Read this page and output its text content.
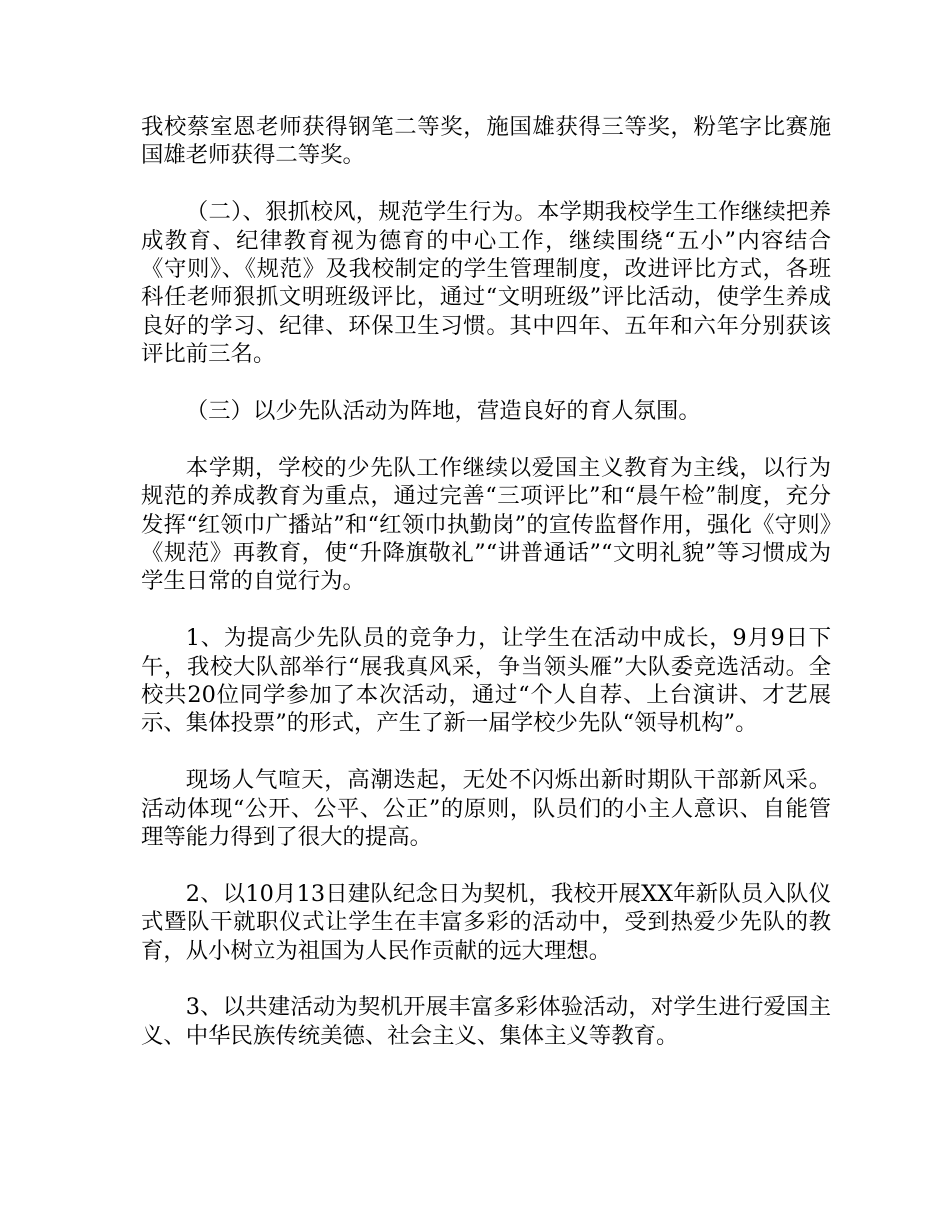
我校蔡室恩老师获得钢笔二等奖，施国雄获得三等奖，粉笔字比赛施国雄老师获得二等奖。

（二）、狠抓校风，规范学生行为。本学期我校学生工作继续把养成教育、纪律教育视为德育的中心工作，继续围绕“五小”内容结合《守则》、《规范》及我校制定的学生管理制度，改进评比方式，各班科任老师狠抓文明班级评比，通过“文明班级”评比活动，使学生养成良好的学习、纪律、环保卫生习惯。其中四年、五年和六年分别获该评比前三名。

（三）以少先队活动为阵地，营造良好的育人氛围。

本学期，学校的少先队工作继续以爱国主义教育为主线，以行为规范的养成教育为重点，通过完善“三项评比”和“晨午检”制度，充分发挥“红领巾广播站”和“红领巾执勤岗”的宣传监督作用，强化《守则》《规范》再教育，使“升降旗敬礼”“讲普通话”“文明礼貌”等习惯成为学生日常的自觉行为。

1、为提高少先队员的竞争力，让学生在活动中成长，9月9日下午，我校大队部举行“展我真风采，争当领头雁”大队委竞选活动。全校共20位同学参加了本次活动，通过“个人自荐、上台演讲、才艺展示、集体投票”的形式，产生了新一届学校少先队“领导机构”。

现场人气喧天，高潮迭起，无处不闪烁出新时期队干部新风采。活动体现“公开、公平、公正”的原则，队员们的小主人意识、自能管理等能力得到了很大的提高。

2、以10月13日建队纪念日为契机，我校开展XX年新队员入队仪式暨队干就职仪式让学生在丰富多彩的活动中，受到热爱少先队的教育，从小树立为祖国为人民作贡献的远大理想。

3、以共建活动为契机开展丰富多彩体验活动，对学生进行爱国主义、中华民族传统美德、社会主义、集体主义等教育。
